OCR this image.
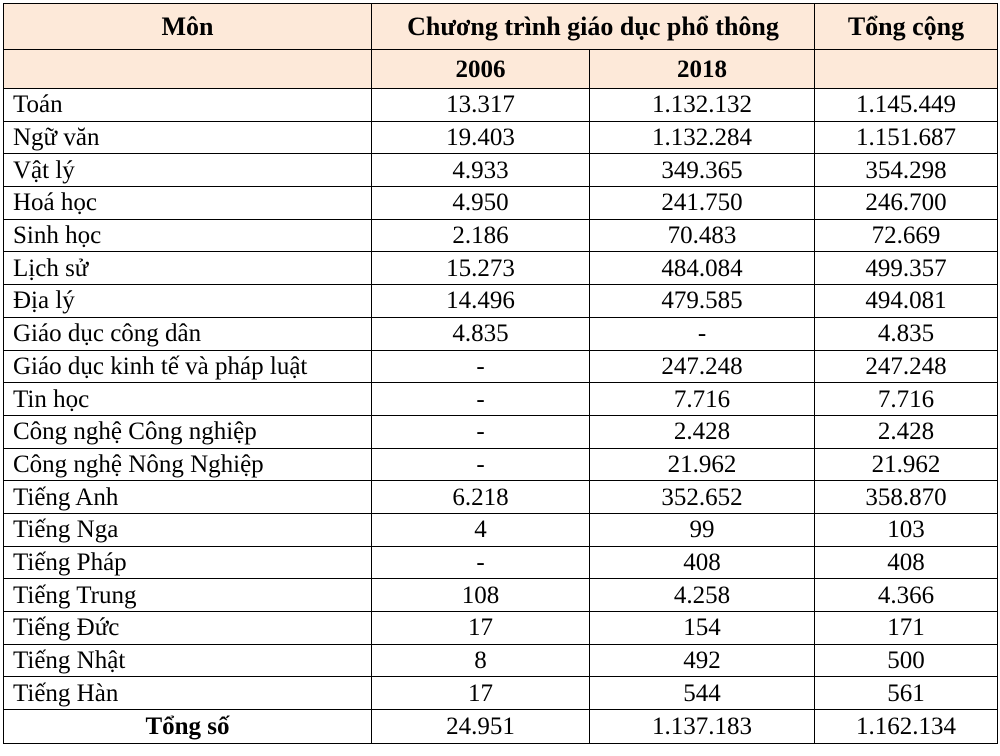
Môn	Chương trình giáo dục phổ thông		Tổng cộng
	2006	2018	
Toán	13.317	1.132.132	1.145.449
Ngữ văn	19.403	1.132.284	1.151.687
Vật lý	4.933	349.365	354.298
Hoá học	4.950	241.750	246.700
Sinh học	2.186	70.483	72.669
Lịch sử	15.273	484.084	499.357
Địa lý	14.496	479.585	494.081
Giáo dục công dân	4.835	-	4.835
Giáo dục kinh tế và pháp luật	-	247.248	247.248
Tin học	-	7.716	7.716
Công nghệ Công nghiệp	-	2.428	2.428
Công nghệ Nông Nghiệp	-	21.962	21.962
Tiếng Anh	6.218	352.652	358.870
Tiếng Nga	4	99	103
Tiếng Pháp	-	408	408
Tiếng Trung	108	4.258	4.366
Tiếng Đức	17	154	171
Tiếng Nhật	8	492	500
Tiếng Hàn	17	544	561
Tổng số	24.951	1.137.183	1.162.134
